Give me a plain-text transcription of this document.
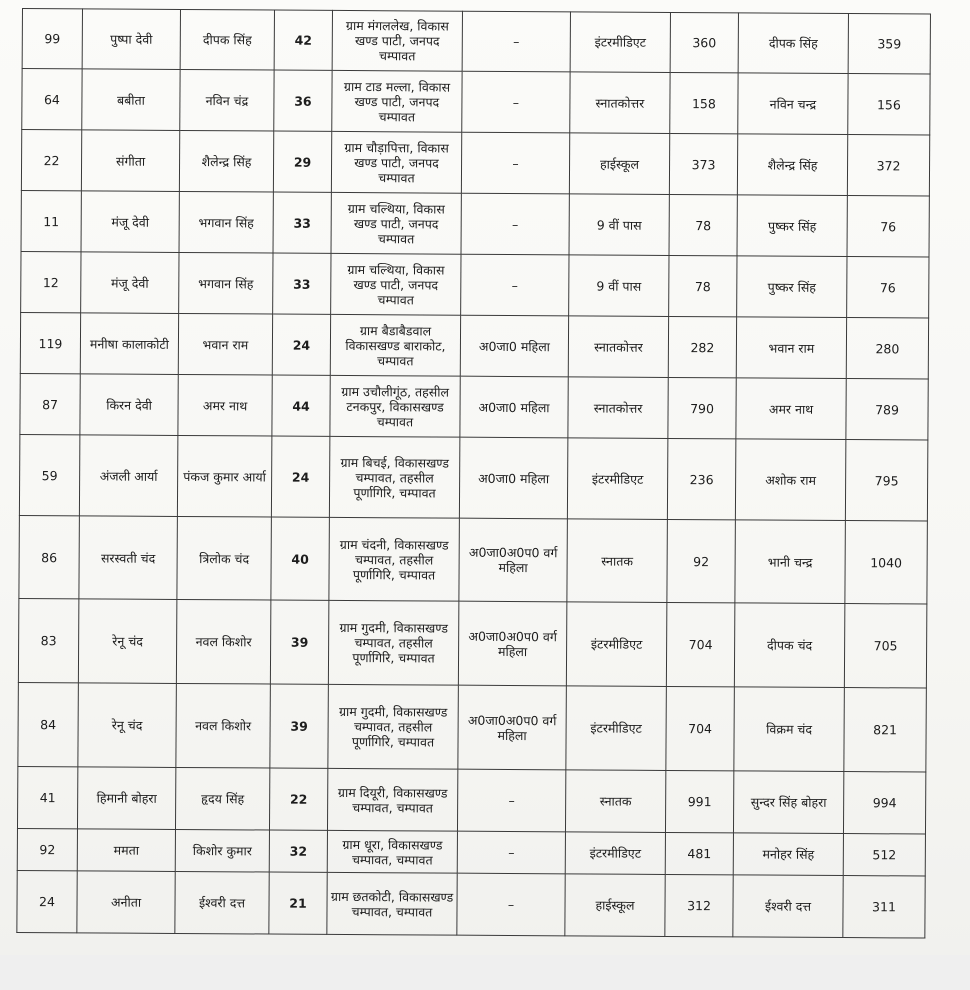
99	पुष्पा देवी	दीपक सिंह	42	ग्राम मंगललेख, विकास खण्ड पाटी, जनपद चम्पावत	–	इंटरमीडिएट	360	दीपक सिंह	359
64	बबीता	नविन चंद्र	36	ग्राम टाड मल्ला, विकास खण्ड पाटी, जनपद चम्पावत	–	स्नातकोत्तर	158	नविन चन्द्र	156
22	संगीता	शैलेन्द्र सिंह	29	ग्राम चौड़ापित्ता, विकास खण्ड पाटी, जनपद चम्पावत	–	हाईस्कूल	373	शैलेन्द्र सिंह	372
11	मंजू देवी	भगवान सिंह	33	ग्राम चल्थिया, विकास खण्ड पाटी, जनपद चम्पावत	–	9 वीं पास	78	पुष्कर सिंह	76
12	मंजू देवी	भगवान सिंह	33	ग्राम चल्थिया, विकास खण्ड पाटी, जनपद चम्पावत	–	9 वीं पास	78	पुष्कर सिंह	76
119	मनीषा कालाकोटी	भवान राम	24	ग्राम बैडाबैडवाल विकासखण्ड बाराकोट, चम्पावत	अ0जा0 महिला	स्नातकोत्तर	282	भवान राम	280
87	किरन देवी	अमर नाथ	44	ग्राम उचौलीगूंठ, तहसील टनकपुर, विकासखण्ड चम्पावत	अ0जा0 महिला	स्नातकोत्तर	790	अमर नाथ	789
59	अंजली आर्या	पंकज कुमार आर्या	24	ग्राम बिचई, विकासखण्ड चम्पावत, तहसील पूर्णागिरि, चम्पावत	अ0जा0 महिला	इंटरमीडिएट	236	अशोक राम	795
86	सरस्वती चंद	त्रिलोक चंद	40	ग्राम चंदनी, विकासखण्ड चम्पावत, तहसील पूर्णागिरि, चम्पावत	अ0जा0अ0प0 वर्ग महिला	स्नातक	92	भानी चन्द्र	1040
83	रेनू चंद	नवल किशोर	39	ग्राम गुदमी, विकासखण्ड चम्पावत, तहसील पूर्णागिरि, चम्पावत	अ0जा0अ0प0 वर्ग महिला	इंटरमीडिएट	704	दीपक चंद	705
84	रेनू चंद	नवल किशोर	39	ग्राम गुदमी, विकासखण्ड चम्पावत, तहसील पूर्णागिरि, चम्पावत	अ0जा0अ0प0 वर्ग महिला	इंटरमीडिएट	704	विक्रम चंद	821
41	हिमानी बोहरा	हृदय सिंह	22	ग्राम दियूरी, विकासखण्ड चम्पावत, चम्पावत	–	स्नातक	991	सुन्दर सिंह बोहरा	994
92	ममता	किशोर कुमार	32	ग्राम धूरा, विकासखण्ड चम्पावत, चम्पावत	–	इंटरमीडिएट	481	मनोहर सिंह	512
24	अनीता	ईश्वरी दत्त	21	ग्राम छतकोटी, विकासखण्ड चम्पावत, चम्पावत	–	हाईस्कूल	312	ईश्वरी दत्त	311
